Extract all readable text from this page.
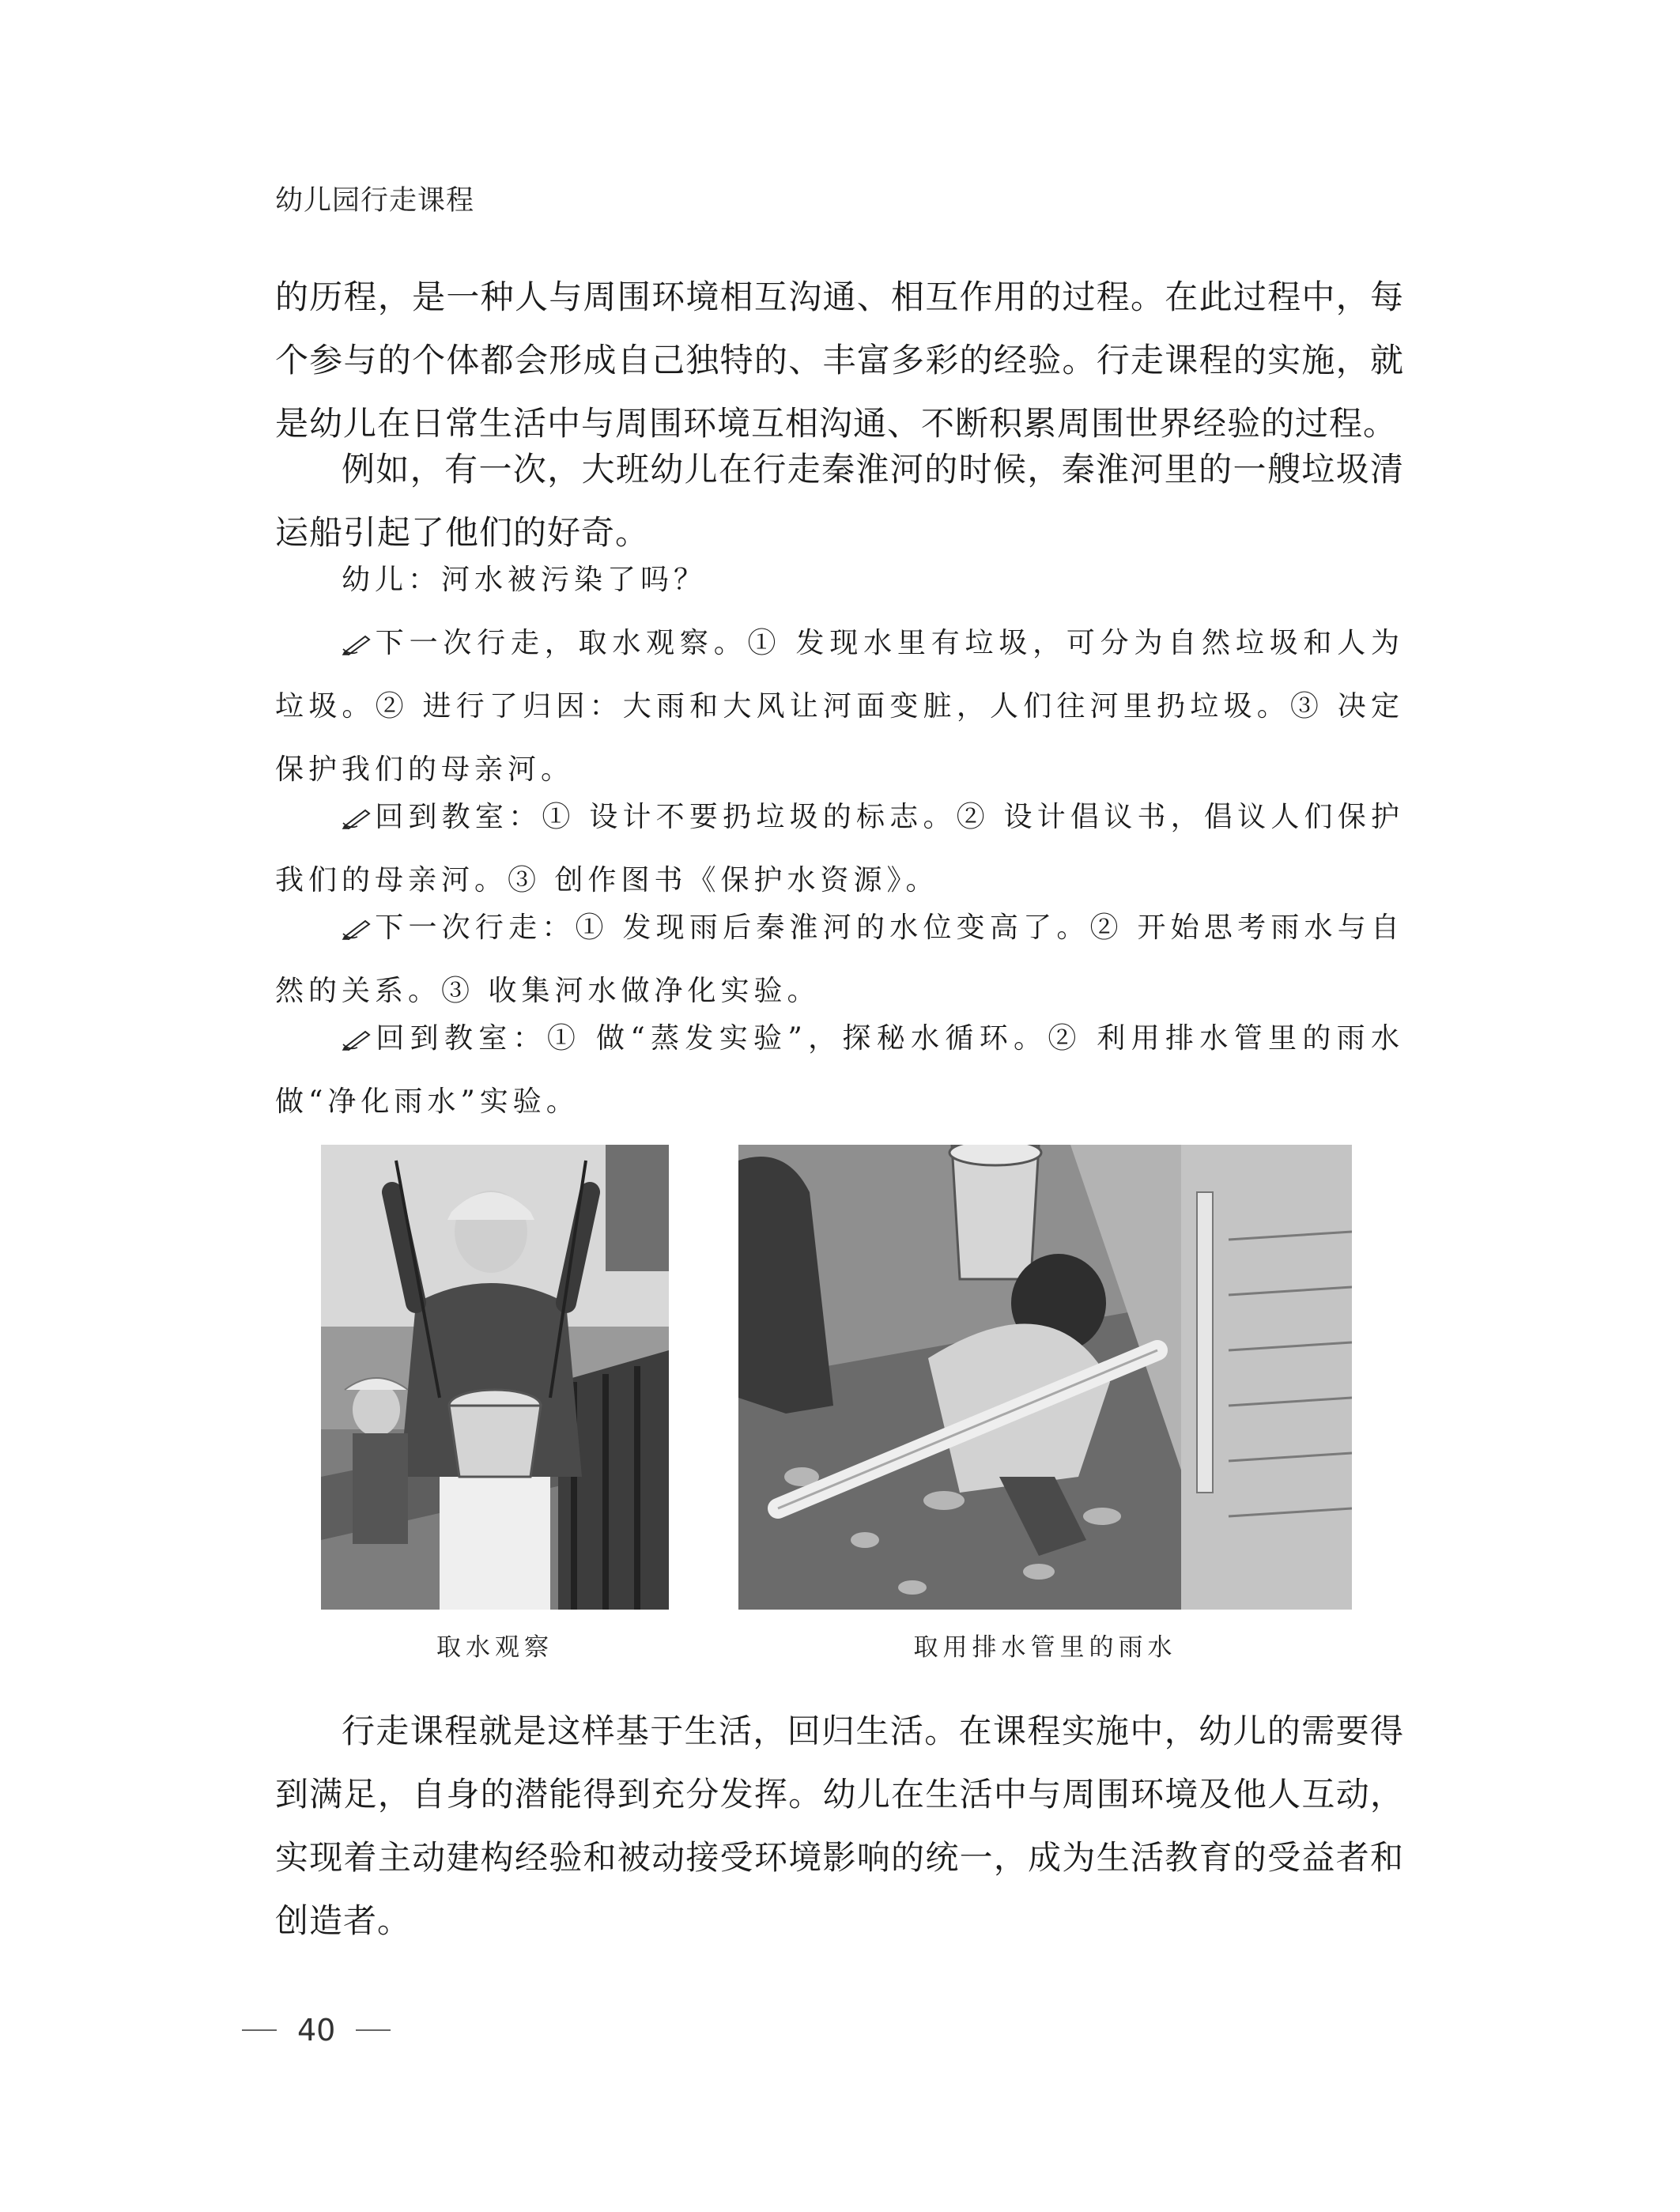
幼儿园行走课程

的历程，是一种人与周围环境相互沟通、相互作用的过程。在此过程中，每个参与的个体都会形成自己独特的、丰富多彩的经验。行走课程的实施，就是幼儿在日常生活中与周围环境互相沟通、不断积累周围世界经验的过程。

例如，有一次，大班幼儿在行走秦淮河的时候，秦淮河里的一艘垃圾清运船引起了他们的好奇。

幼儿：河水被污染了吗？

下一次行走，取水观察。① 发现水里有垃圾，可分为自然垃圾和人为垃圾。② 进行了归因：大雨和大风让河面变脏，人们往河里扔垃圾。③ 决定保护我们的母亲河。
回到教室：① 设计不要扔垃圾的标志。② 设计倡议书，倡议人们保护我们的母亲河。③ 创作图书《保护水资源》。
下一次行走：① 发现雨后秦淮河的水位变高了。② 开始思考雨水与自然的关系。③ 收集河水做净化实验。
回到教室：① 做“蒸发实验”，探秘水循环。② 利用排水管里的雨水做“净化雨水”实验。
取水观察	取用排水管里的雨水

行走课程就是这样基于生活，回归生活。在课程实施中，幼儿的需要得到满足，自身的潜能得到充分发挥。幼儿在生活中与周围环境及他人互动，实现着主动建构经验和被动接受环境影响的统一，成为生活教育的受益者和创造者。

40
